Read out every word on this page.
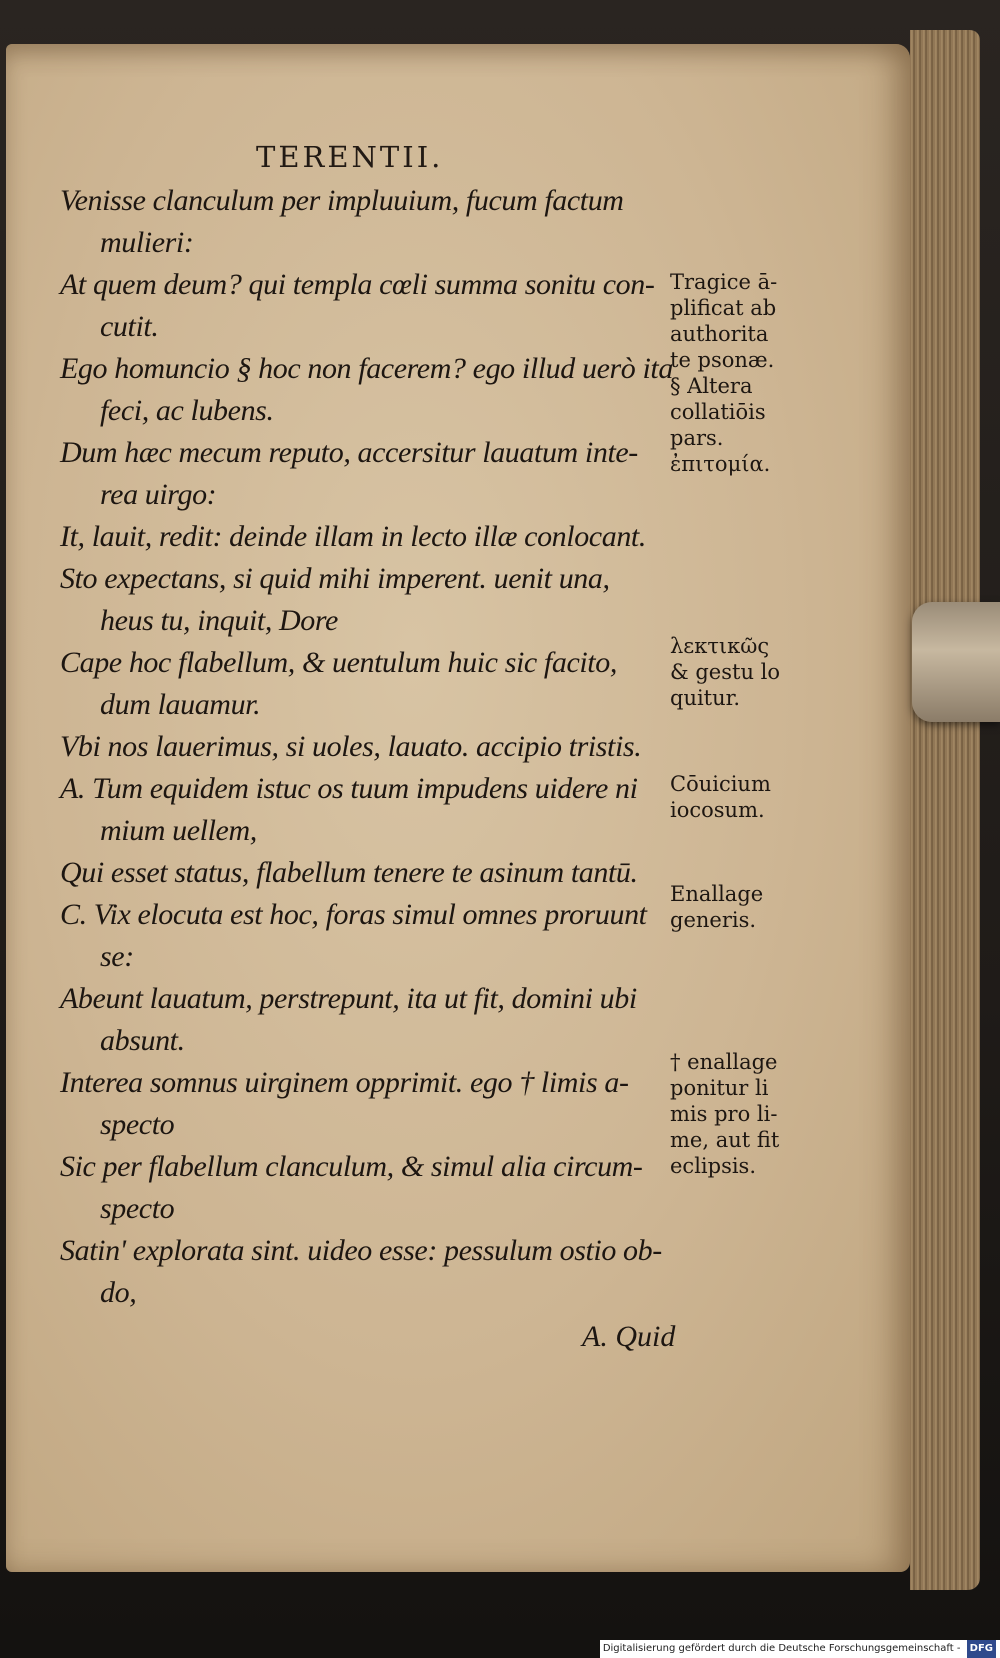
TERENTII.
Venisse clanculum per impluuium, fucum factum
mulieri:
At quem deum? qui templa cœli summa sonitu con-
cutit.
Ego homuncio § hoc non facerem? ego illud uerò ita
feci, ac lubens.
Dum hæc mecum reputo, accersitur lauatum inte-
rea uirgo:
It, lauit, redit: deinde illam in lecto illæ conlocant.
Sto expectans, si quid mihi imperent. uenit una,
heus tu, inquit, Dore
Cape hoc flabellum, & uentulum huic sic facito,
dum lauamur.
Vbi nos lauerimus, si uoles, lauato. accipio tristis.
A. Tum equidem istuc os tuum impudens uidere ni
mium uellem,
Qui esset status, flabellum tenere te asinum tantū.
C. Vix elocuta est hoc, foras simul omnes proruunt
se:
Abeunt lauatum, perstrepunt, ita ut fit, domini ubi
absunt.
Interea somnus uirginem opprimit. ego † limis a-
specto
Sic per flabellum clanculum, & simul alia circum-
specto
Satin' explorata sint. uideo esse: pessulum ostio ob-
do,
Tragice ā-
plificat ab
authorita
te psonæ.
§ Altera
collatiōis
pars.
ἐπιτομία.
λεκτικῶς
& gestu lo
quitur.
Cōuicium
iocosum.
Enallage
generis.
† enallage
ponitur li
mis pro li-
me, aut fit
eclipsis.
A. Quid
Digitalisierung gefördert durch die Deutsche Forschungsgemeinschaft - DFG
